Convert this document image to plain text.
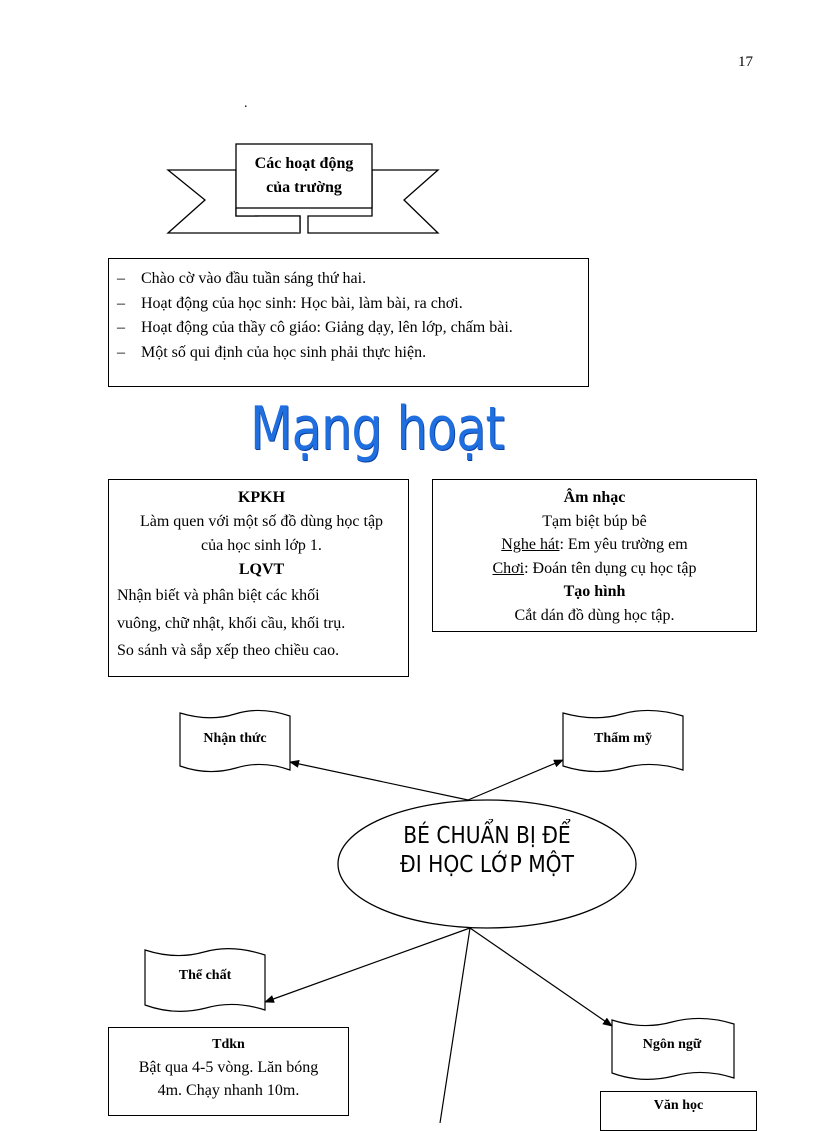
17
.
Các hoạt động
của trường
– Chào cờ vào đầu tuần sáng thứ hai.
– Hoạt động của học sinh: Học bài, làm bài, ra chơi.
– Hoạt động của thầy cô giáo: Giảng dạy, lên lớp, chấm bài.
– Một số qui định của học sinh phải thực hiện.
Mạng hoạt
KPKH
Làm quen với một số đồ dùng học tập
của học sinh lớp 1.
LQVT
Nhận biết và phân biệt các khối
vuông, chữ nhật, khối cầu, khối trụ.
So sánh và sắp xếp theo chiều cao.
Âm nhạc
Tạm biệt búp bê
Nghe hát: Em yêu trường em
Chơi: Đoán tên dụng cụ học tập
Tạo hình
Cắt dán đồ dùng học tập.
Nhận thức	Thẩm mỹ
Thể chất
Ngôn ngữ
BÉ CHUẨN BỊ ĐỂ
ĐI HỌC LỚP MỘT
Tdkn
Bật qua 4-5 vòng. Lăn bóng
4m. Chạy nhanh 10m.
Văn học
